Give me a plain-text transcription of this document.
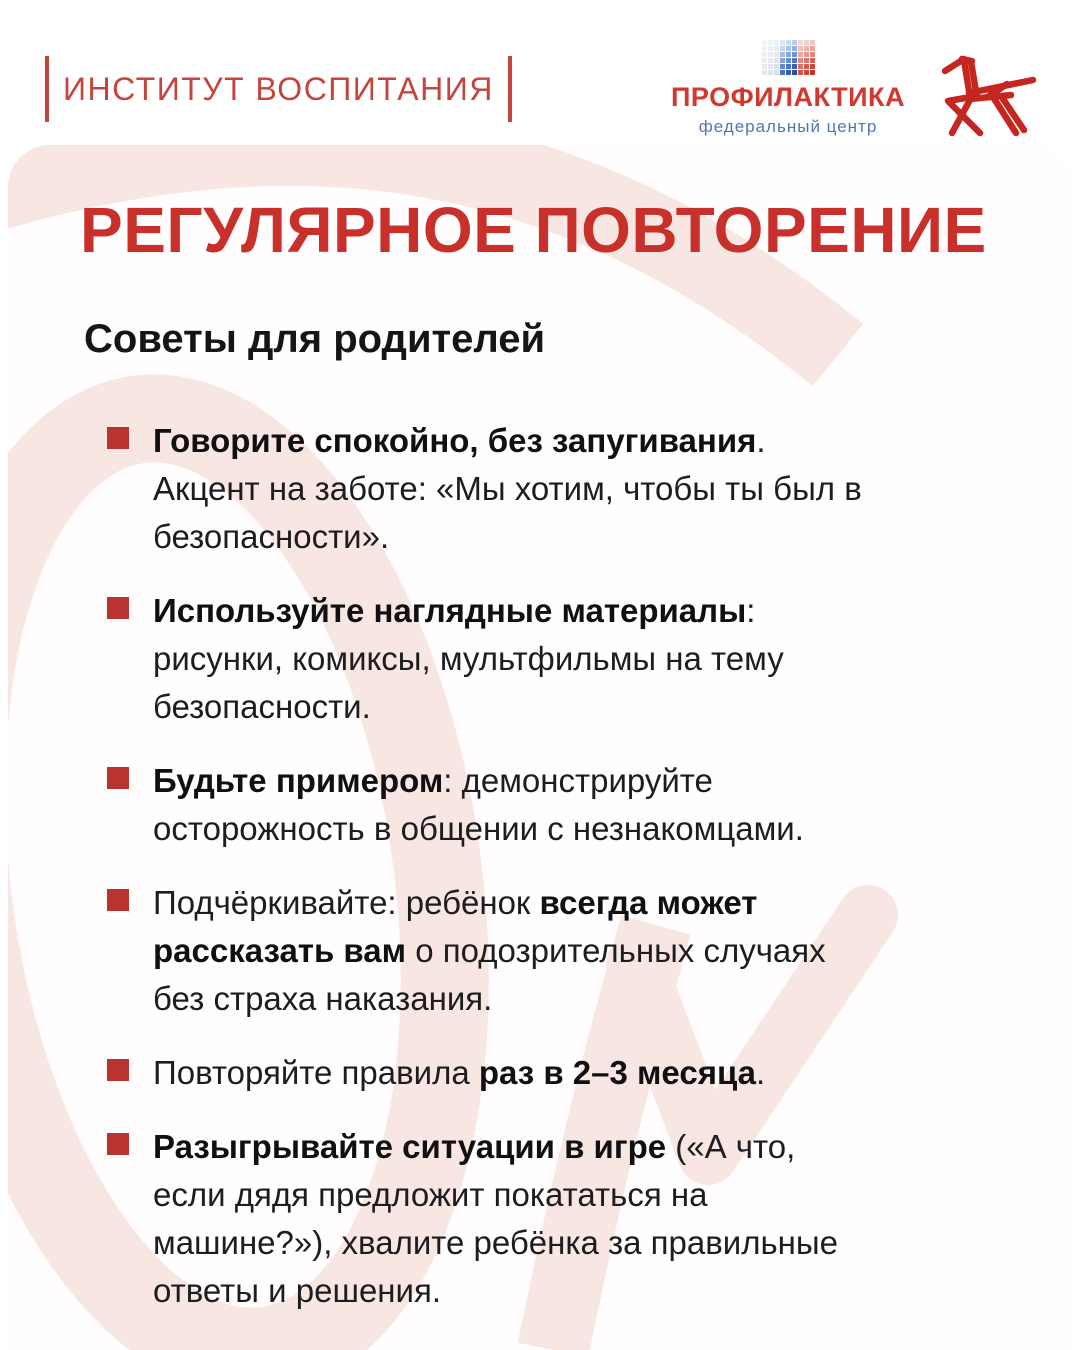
ИНСТИТУТ ВОСПИТАНИЯ	ПРОФИЛАКТИКА
федеральный центр
РЕГУЛЯРНОЕ ПОВТОРЕНИЕ
Советы для родителей

Говорите спокойно, без запугивания. Акцент на заботе: «Мы хотим, чтобы ты был в безопасности».

Используйте наглядные материалы: рисунки, комиксы, мультфильмы на тему безопасности.

Будьте примером: демонстрируйте осторожность в общении с незнакомцами.

Подчёркивайте: ребёнок всегда может рассказать вам о подозрительных случаях без страха наказания.

Повторяйте правила раз в 2–3 месяца.

Разыгрывайте ситуации в игре («А что, если дядя предложит покататься на машине?»), хвалите ребёнка за правильные ответы и решения.
